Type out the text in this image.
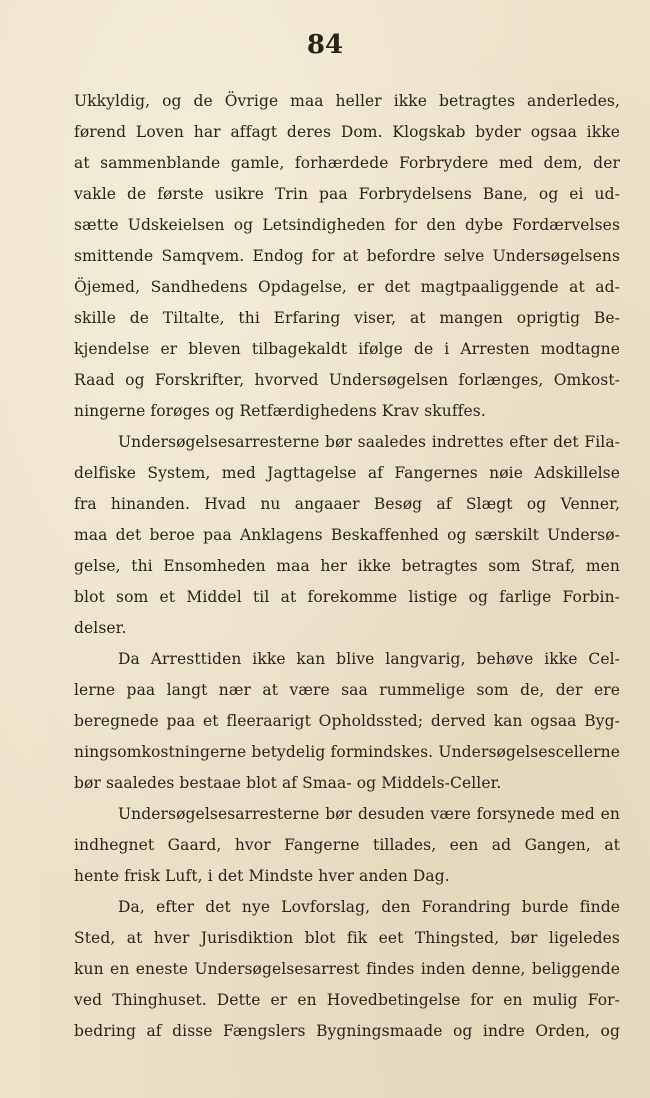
84
Ukkyldig, og de Övrige maa heller ikke betragtes anderledes,
førend Loven har affagt deres Dom. Klogskab byder ogsaa ikke
at sammenblande gamle, forhærdede Forbrydere med dem, der
vakle de første usikre Trin paa Forbrydelsens Bane, og ei ud-
sætte Udskeielsen og Letsindigheden for den dybe Fordærvelses
smittende Samqvem. Endog for at befordre selve Undersøgelsens
Öjemed, Sandhedens Opdagelse, er det magtpaaliggende at ad-
skille de Tiltalte, thi Erfaring viser, at mangen oprigtig Be-
kjendelse er bleven tilbagekaldt ifølge de i Arresten modtagne
Raad og Forskrifter, hvorved Undersøgelsen forlænges, Omkost-
ningerne forøges og Retfærdighedens Krav skuffes.
Undersøgelsesarresterne bør saaledes indrettes efter det Fila-
delfiske System, med Jagttagelse af Fangernes nøie Adskillelse
fra hinanden. Hvad nu angaaer Besøg af Slægt og Venner,
maa det beroe paa Anklagens Beskaffenhed og særskilt Undersø-
gelse, thi Ensomheden maa her ikke betragtes som Straf, men
blot som et Middel til at forekomme listige og farlige Forbin-
delser.
Da Arresttiden ikke kan blive langvarig, behøve ikke Cel-
lerne paa langt nær at være saa rummelige som de, der ere
beregnede paa et fleeraarigt Opholdssted; derved kan ogsaa Byg-
ningsomkostningerne betydelig formindskes. Undersøgelsescellerne
bør saaledes bestaae blot af Smaa- og Middels-Celler.
Undersøgelsesarresterne bør desuden være forsynede med en
indhegnet Gaard, hvor Fangerne tillades, een ad Gangen, at
hente frisk Luft, i det Mindste hver anden Dag.
Da, efter det nye Lovforslag, den Forandring burde finde
Sted, at hver Jurisdiktion blot fik eet Thingsted, bør ligeledes
kun en eneste Undersøgelsesarrest findes inden denne, beliggende
ved Thinghuset. Dette er en Hovedbetingelse for en mulig For-
bedring af disse Fængslers Bygningsmaade og indre Orden, og
